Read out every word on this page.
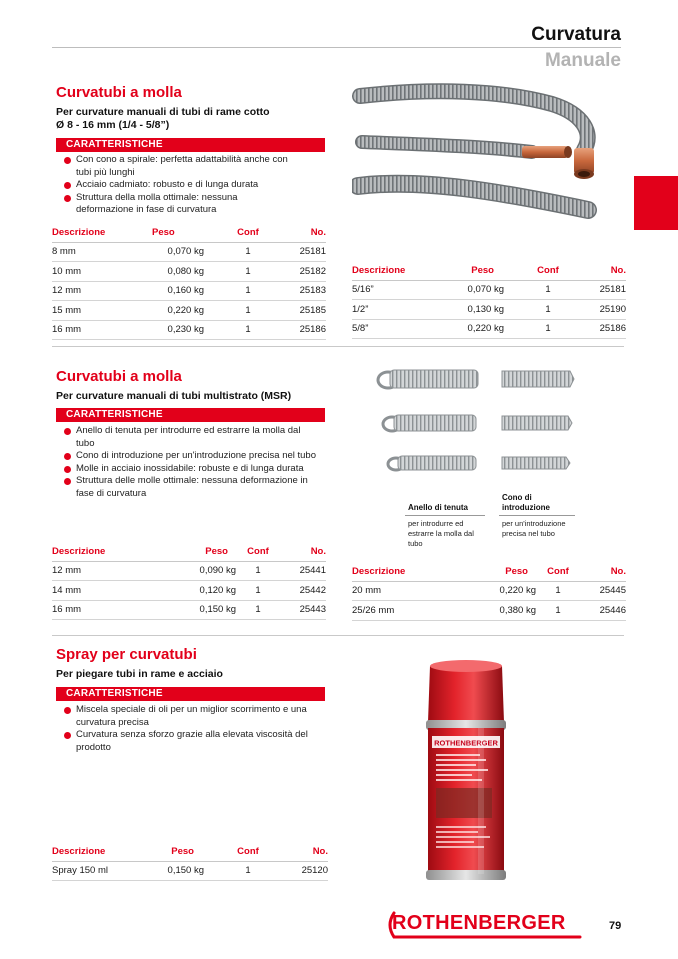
Curvatura
Manuale
3
Curvatubi a molla
Per curvature manuali di tubi di rame cotto
Ø 8 - 16 mm (1/4 - 5/8”)
CARATTERISTICHE
Con cono a spirale: perfetta adattabilità anche con tubi più lunghi
Acciaio cadmiato: robusto e di lunga durata
Struttura della molla ottimale: nessuna deformazione in fase di curvatura
Descrizione	Peso	Conf	No.
8 mm	0,070 kg	1	25181
10 mm	0,080 kg	1	25182
12 mm	0,160 kg	1	25183
15 mm	0,220 kg	1	25185
16 mm	0,230 kg	1	25186
Descrizione	Peso	Conf	No.
5/16”	0,070 kg	1	25181
1/2”	0,130 kg	1	25190
5/8”	0,220 kg	1	25186
Curvatubi a molla
Per curvature manuali di tubi multistrato (MSR)
CARATTERISTICHE
Anello di tenuta per introdurre ed estrarre la molla dal tubo
Cono di introduzione per un'introduzione precisa nel tubo
Molle in acciaio inossidabile: robuste e di lunga durata
Struttura delle molle ottimale: nessuna deformazione in fase di curvatura
Anello di tenuta
per introdurre ed estrarre la molla dal tubo
Cono di introduzione
per un'introduzione precisa nel tubo
Descrizione	Peso	Conf	No.
12 mm	0,090 kg	1	25441
14 mm	0,120 kg	1	25442
16 mm	0,150 kg	1	25443
Descrizione	Peso	Conf	No.
20 mm	0,220 kg	1	25445
25/26 mm	0,380 kg	1	25446
Spray per curvatubi
Per piegare tubi in rame e acciaio
CARATTERISTICHE
Miscela speciale di oli per un miglior scorrimento e una curvatura precisa
Curvatura senza sforzo grazie alla elevata viscosità del prodotto	ROTHENBERGER
Descrizione	Peso	Conf	No.
Spray 150 ml	0,150 kg	1	25120
ROTHENBERGER	79
